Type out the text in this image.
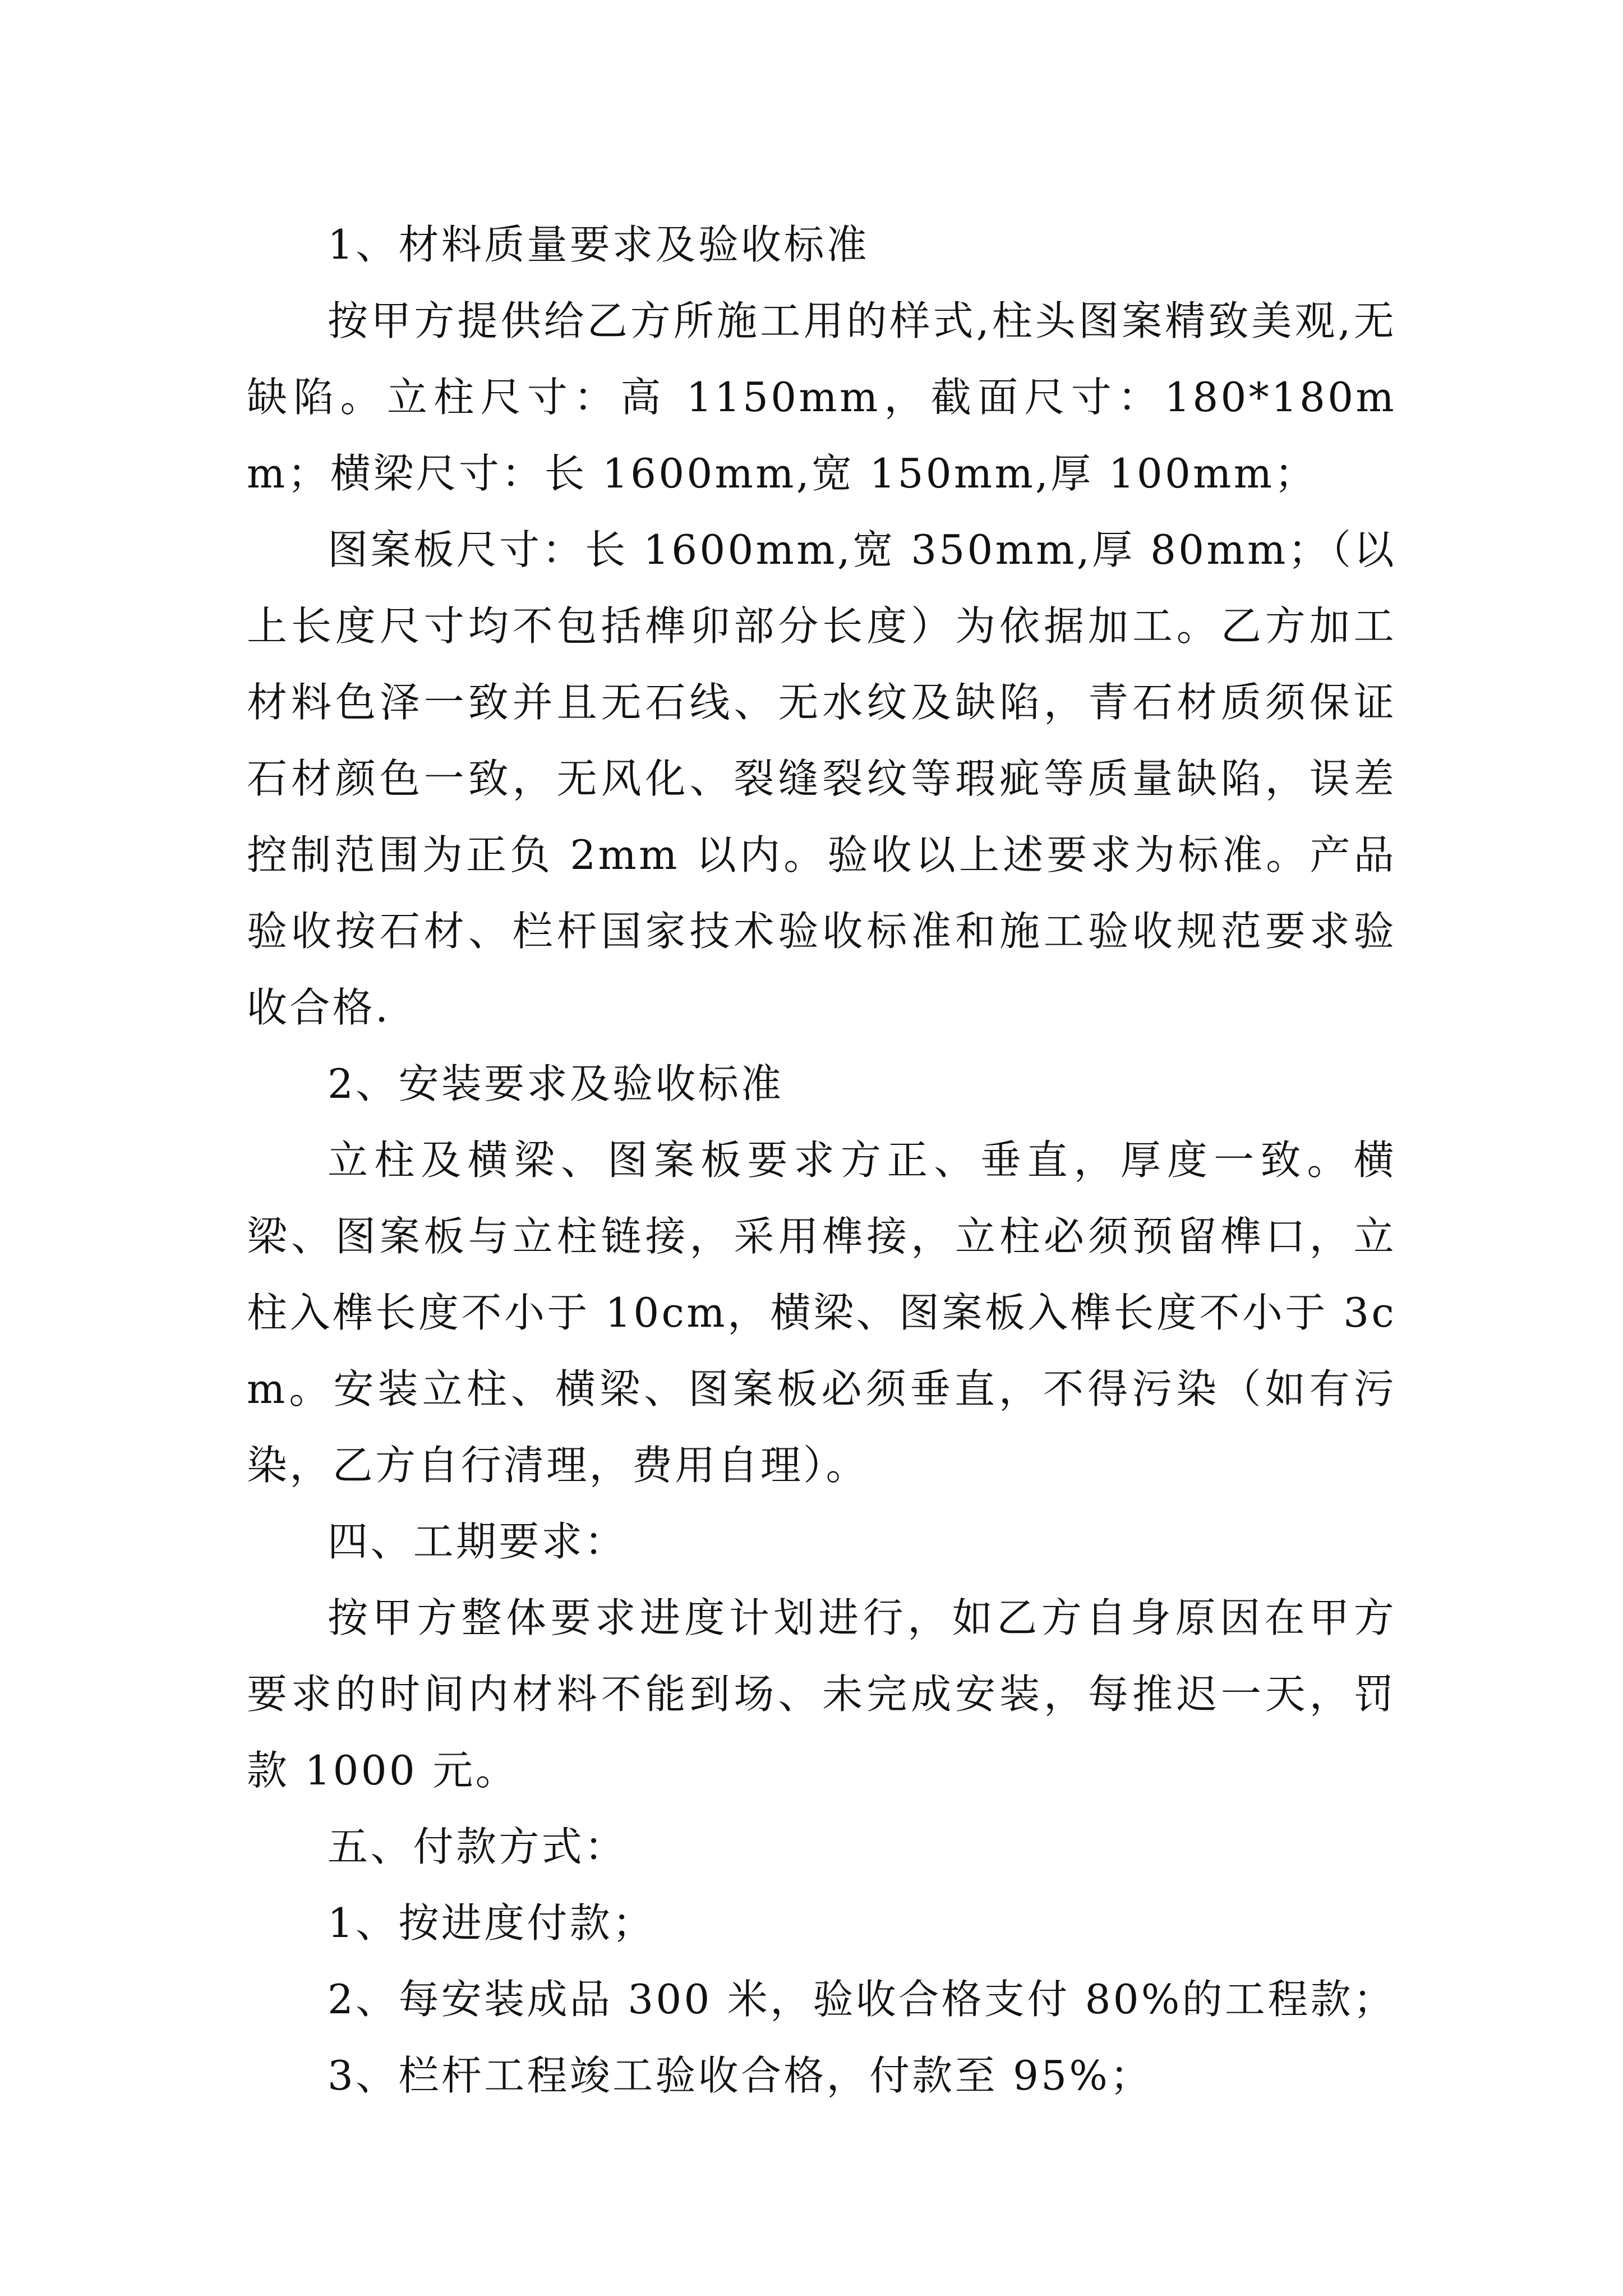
1、材料质量要求及验收标准

按甲方提供给乙方所施工用的样式,柱头图案精致美观,无缺陷。立柱尺寸：高 1150mm，截面尺寸：180*180mm；横梁尺寸：长 1600mm,宽 150mm,厚 100mm；

图案板尺寸：长 1600mm,宽 350mm,厚 80mm；（以上长度尺寸均不包括榫卯部分长度）为依据加工。乙方加工材料色泽一致并且无石线、无水纹及缺陷，青石材质须保证石材颜色一致，无风化、裂缝裂纹等瑕疵等质量缺陷，误差控制范围为正负 2mm 以内。验收以上述要求为标准。产品验收按石材、栏杆国家技术验收标准和施工验收规范要求验收合格.

2、安装要求及验收标准

立柱及横梁、图案板要求方正、垂直，厚度一致。横梁、图案板与立柱链接，采用榫接，立柱必须预留榫口，立柱入榫长度不小于 10cm，横梁、图案板入榫长度不小于 3cm。安装立柱、横梁、图案板必须垂直，不得污染（如有污染，乙方自行清理，费用自理）。

四、工期要求：

按甲方整体要求进度计划进行，如乙方自身原因在甲方要求的时间内材料不能到场、未完成安装，每推迟一天，罚款 1000 元。

五、付款方式：

1、按进度付款；

2、每安装成品 300 米，验收合格支付 80%的工程款；

3、栏杆工程竣工验收合格，付款至 95%；
